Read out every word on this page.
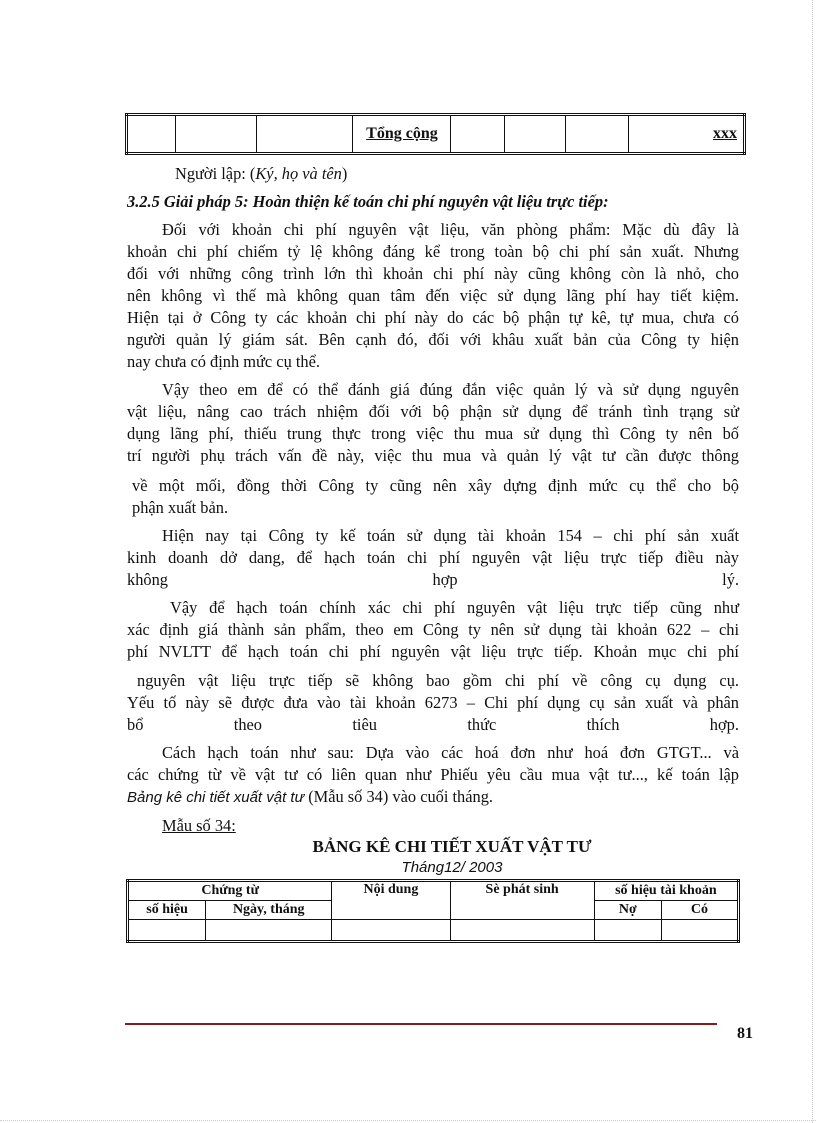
			Tổng cộng				xxx
Người lập: (Ký, họ và tên)
3.2.5 Giải pháp 5: Hoàn thiện kế toán chi phí nguyên vật liệu trực tiếp:
Đối với khoản chi phí nguyên vật liệu, văn phòng phẩm: Mặc dù đây là
khoản chi phí chiếm tỷ lệ không đáng kể trong toàn bộ chi phí sản xuất. Nhưng
đối với những công trình lớn thì khoản chi phí này cũng không còn là nhỏ, cho
nên không vì thế mà không quan tâm đến việc sử dụng lãng phí hay tiết kiệm.
Hiện tại ở Công ty các khoản chi phí này do các bộ phận tự kê, tự mua, chưa có
người quản lý giám sát. Bên cạnh đó, đối với khâu xuất bản của Công ty hiện
nay chưa có định mức cụ thể.
Vậy theo em để có thể đánh giá đúng đắn việc quản lý và sử dụng nguyên
vật liệu, nâng cao trách nhiệm đối với bộ phận sử dụng để tránh tình trạng sử
dụng lãng phí, thiếu trung thực trong việc thu mua sử dụng thì Công ty nên bố
trí người phụ trách vấn đề này, việc thu mua và quản lý vật tư cần được thông
về một mối, đồng thời Công ty cũng nên xây dựng định mức cụ thể cho bộ
phận xuất bản.
Hiện nay tại Công ty kế toán sử dụng tài khoản 154 – chi phí sản xuất
kinh doanh dở dang, để hạch toán chi phí nguyên vật liệu trực tiếp điều này
không	hợp	lý.
Vậy để hạch toán chính xác chi phí nguyên vật liệu trực tiếp cũng như
xác định giá thành sản phẩm, theo em Công ty nên sử dụng tài khoản 622 – chi
phí NVLTT để hạch toán chi phí nguyên vật liệu trực tiếp. Khoản mục chi phí
nguyên vật liệu trực tiếp sẽ không bao gồm chi phí về công cụ dụng cụ.
Yếu tố này sẽ được đưa vào tài khoản 6273 – Chi phí dụng cụ sản xuất và phân
bổ	theo	tiêu	thức	thích	hợp.
Cách hạch toán như sau: Dựa vào các hoá đơn như hoá đơn GTGT... và
các chứng từ về vật tư có liên quan như Phiếu yêu cầu mua vật tư..., kế toán lập
Bảng kê chi tiết xuất vật tư (Mẫu số 34) vào cuối tháng.
Mẫu số 34:
BẢNG KÊ CHI TIẾT XUẤT VẬT TƯ
Tháng12/ 2003
Chứng từ		Nội dung	Sè phát sinh	số hiệu tài khoản	
số hiệu	Ngày, tháng			Nợ	Có

81
